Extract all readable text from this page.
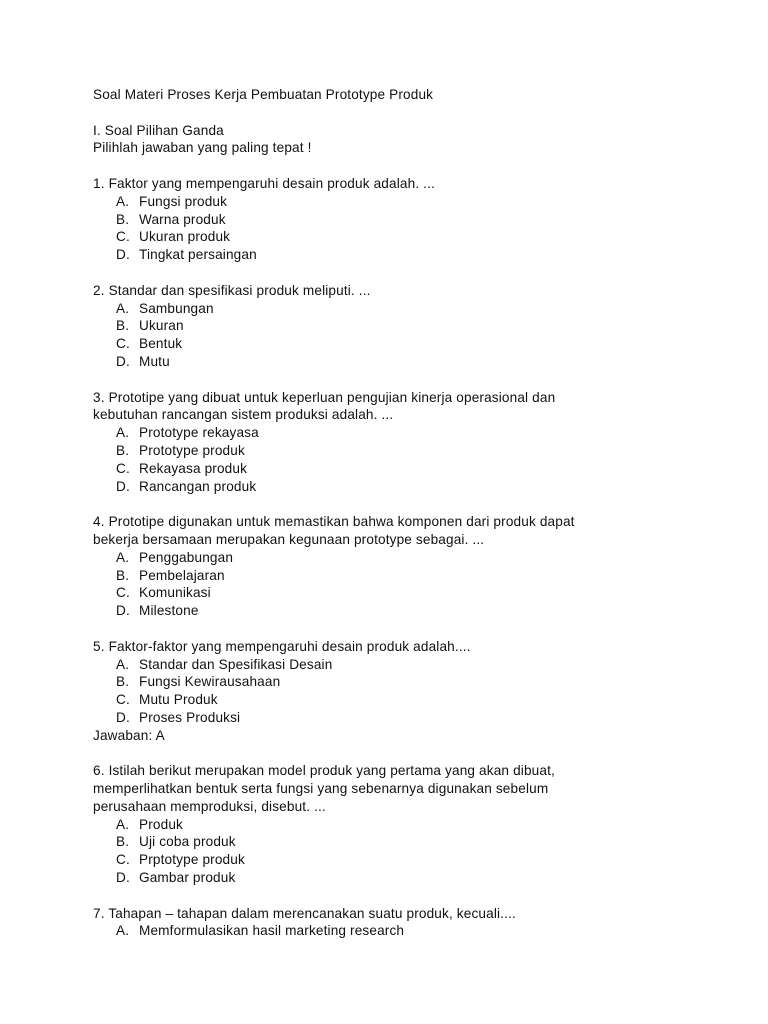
Soal Materi Proses Kerja Pembuatan Prototype Produk
I. Soal Pilihan Ganda
Pilihlah jawaban yang paling tepat !
1. Faktor yang mempengaruhi desain produk adalah. ...
A. Fungsi produk
B. Warna produk
C. Ukuran produk
D. Tingkat persaingan
2. Standar dan spesifikasi produk meliputi. ...
A. Sambungan
B. Ukuran
C. Bentuk
D. Mutu
3. Prototipe yang dibuat untuk keperluan pengujian kinerja operasional dan
kebutuhan rancangan sistem produksi adalah. ...
A. Prototype rekayasa
B. Prototype produk
C. Rekayasa produk
D. Rancangan produk
4. Prototipe digunakan untuk memastikan bahwa komponen dari produk dapat
bekerja bersamaan merupakan kegunaan prototype sebagai. ...
A. Penggabungan
B. Pembelajaran
C. Komunikasi
D. Milestone
5. Faktor-faktor yang mempengaruhi desain produk adalah....
A. Standar dan Spesifikasi Desain
B. Fungsi Kewirausahaan
C. Mutu Produk
D. Proses Produksi
Jawaban: A
6. Istilah berikut merupakan model produk yang pertama yang akan dibuat,
memperlihatkan bentuk serta fungsi yang sebenarnya digunakan sebelum
perusahaan memproduksi, disebut. ...
A. Produk
B. Uji coba produk
C. Prptotype produk
D. Gambar produk
7. Tahapan – tahapan dalam merencanakan suatu produk, kecuali....
A. Memformulasikan hasil marketing research
